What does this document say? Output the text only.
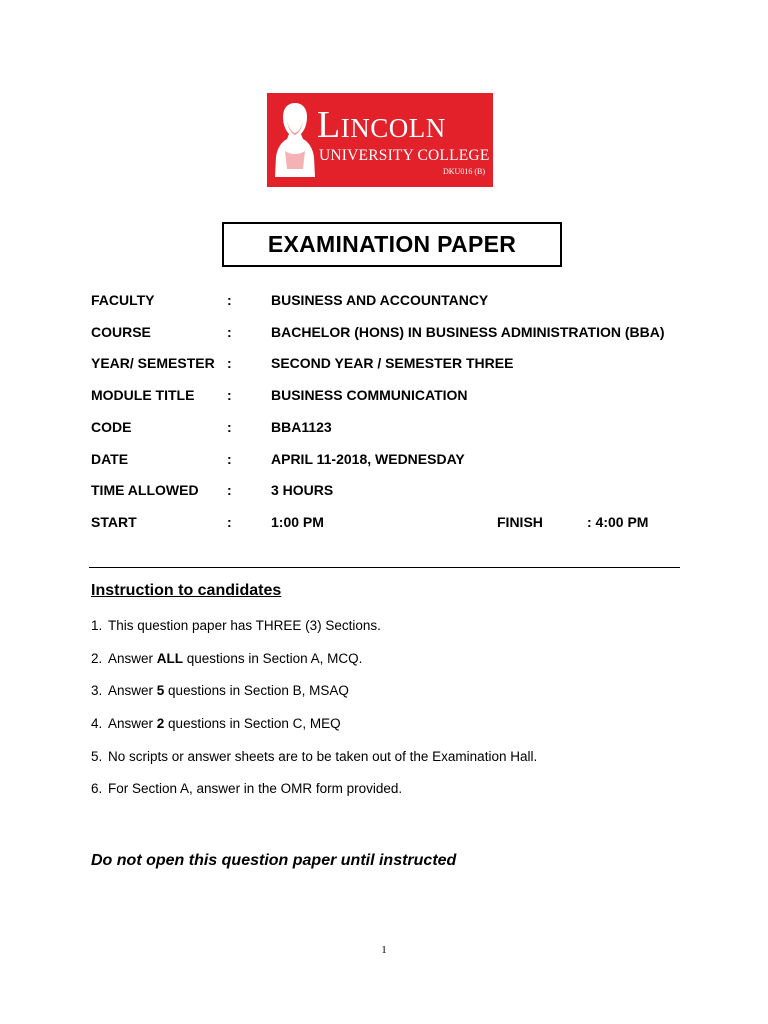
Lincoln
UNIVERSITY COLLEGE
DKU016 (B)
EXAMINATION PAPER
FACULTY	:	BUSINESS AND ACCOUNTANCY
COURSE	:	BACHELOR (HONS) IN BUSINESS ADMINISTRATION (BBA)
YEAR/ SEMESTER :	SECOND YEAR / SEMESTER THREE
MODULE TITLE :	BUSINESS COMMUNICATION
CODE	:	BBA1123
DATE	:	APRIL 11-2018, WEDNESDAY
TIME ALLOWED :	3 HOURS
START	:	1:00 PM	FINISH	: 4:00 PM
Instruction to candidates
1. This question paper has THREE (3) Sections.
2. Answer ALL questions in Section A, MCQ.
3. Answer 5 questions in Section B, MSAQ
4. Answer 2 questions in Section C, MEQ
5. No scripts or answer sheets are to be taken out of the Examination Hall.
6. For Section A, answer in the OMR form provided.
Do not open this question paper until instructed
1
